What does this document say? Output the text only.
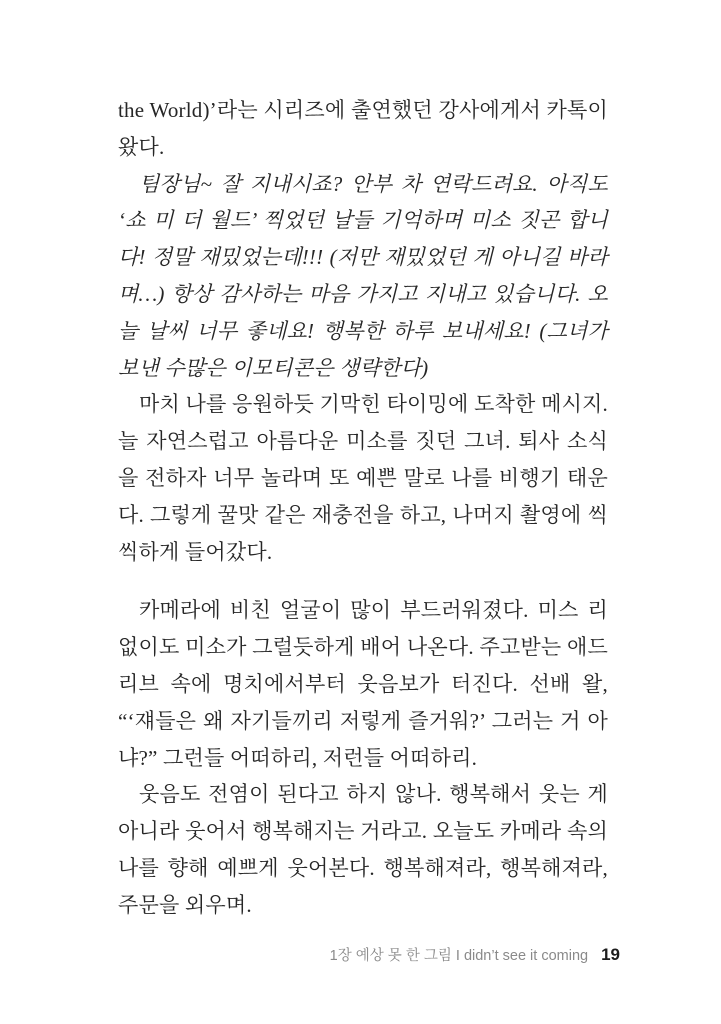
the World)’라는 시리즈에 출연했던 강사에게서 카톡이 왔다.

팀장님~ 잘 지내시죠? 안부 차 연락드려요. 아직도 ‘쇼 미 더 월드’ 찍었던 날들 기억하며 미소 짓곤 합니다! 정말 재밌었는데!!! (저만 재밌었던 게 아니길 바라며…) 항상 감사하는 마음 가지고 지내고 있습니다. 오늘 날씨 너무 좋네요! 행복한 하루 보내세요! (그녀가 보낸 수많은 이모티콘은 생략한다)

마치 나를 응원하듯 기막힌 타이밍에 도착한 메시지. 늘 자연스럽고 아름다운 미소를 짓던 그녀. 퇴사 소식을 전하자 너무 놀라며 또 예쁜 말로 나를 비행기 태운다. 그렇게 꿀맛 같은 재충전을 하고, 나머지 촬영에 씩씩하게 들어갔다.

카메라에 비친 얼굴이 많이 부드러워졌다. 미스 리 없이도 미소가 그럴듯하게 배어 나온다. 주고받는 애드리브 속에 명치에서부터 웃음보가 터진다. 선배 왈, “‘쟤들은 왜 자기들끼리 저렇게 즐거워?’ 그러는 거 아냐?” 그런들 어떠하리, 저런들 어떠하리.

웃음도 전염이 된다고 하지 않나. 행복해서 웃는 게 아니라 웃어서 행복해지는 거라고. 오늘도 카메라 속의 나를 향해 예쁘게 웃어본다. 행복해져라, 행복해져라, 주문을 외우며.

1장 예상 못 한 그림 I didn’t see it coming 19
